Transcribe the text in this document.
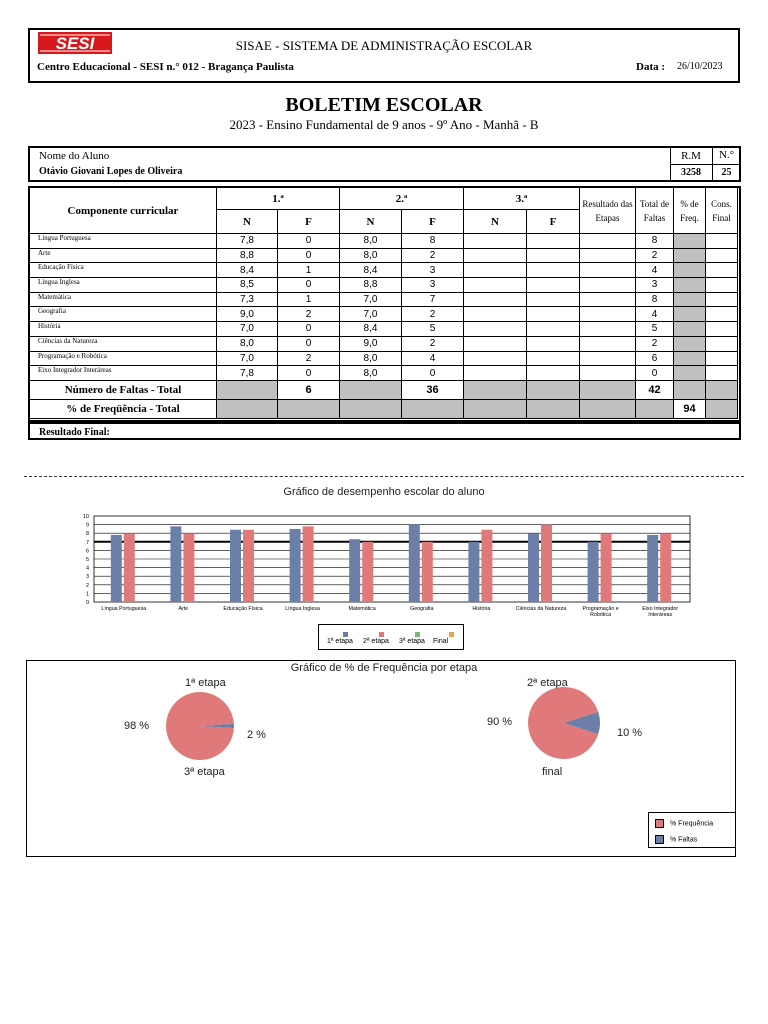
SESI	SISAE - SISTEMA DE ADMINISTRAÇÃO ESCOLAR
Centro Educacional - SESI n.° 012 - Bragança Paulista	Data : 26/10/2023
BOLETIM ESCOLAR
2023 - Ensino Fundamental de 9 anos - 9º Ano - Manhã - B
Nome do Aluno
Otávio Giovani Lopes de Oliveira
R.M	N.°
3258	25
Componente curricular	1.ª		2.ª		3.ª		Resultado das Etapas	Total de Faltas	% de Freq.	Cons. Final
	N	F	N	F	N	F				
Língua Portuguesa	7,8	0	8,0	8				8		
Arte	8,8	0	8,0	2				2		
Educação Física	8,4	1	8,4	3				4		
Língua Inglesa	8,5	0	8,8	3				3		
Matemática	7,3	1	7,0	7				8		
Geografia	9,0	2	7,0	2				4		
História	7,0	0	8,4	5				5		
Ciências da Natureza	8,0	0	9,0	2				2		
Programação e Robótica	7,0	2	8,0	4				6		
Eixo Integrador Interáreas	7,8	0	8,0	0				0		
Número de Faltas - Total		6		36				42		
% de Freqüência - Total									94	
Resultado Final:
Gráfico de desempenho escolar do aluno
0
1
2
3
4
5
6
7
8
9
10
Língua Portuguesa	Arte	Educação Física	Língua Inglesa	Matemática	Geografia	História	Ciências da Natureza	Programação e
Robótica
Eixo Integrador
Interáreas
1ª etapa 2ª etapa 3ª etapa Final
Gráfico de % de Frequência por etapa
1ª etapa
3ª etapa
98 %
2 %
2ª etapa
final
90 %
10 %
% Frequência
% Faltas
